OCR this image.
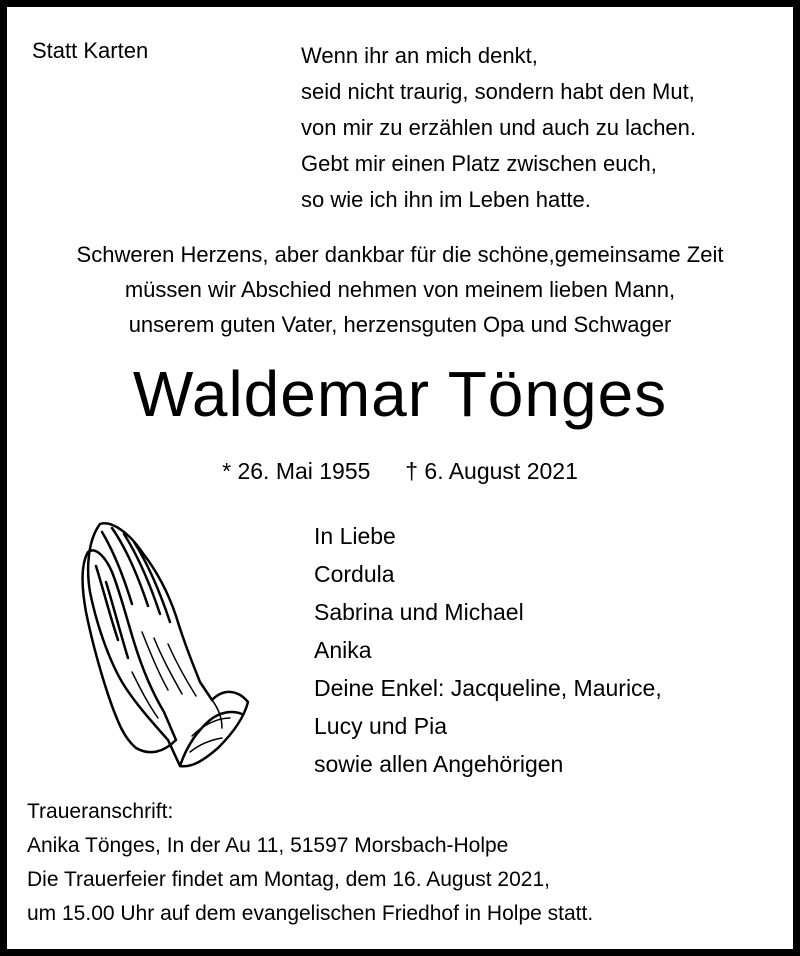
Statt Karten	Wenn ihr an mich denkt,
seid nicht traurig, sondern habt den Mut,
von mir zu erzählen und auch zu lachen.
Gebt mir einen Platz zwischen euch,
so wie ich ihn im Leben hatte.
Schweren Herzens, aber dankbar für die schöne,gemeinsame Zeit
müssen wir Abschied nehmen von meinem lieben Mann,
unserem guten Vater, herzensguten Opa und Schwager
Waldemar Tönges
* 26. Mai 1955 † 6. August 2021
In Liebe
Cordula
Sabrina und Michael
Anika
Deine Enkel: Jacqueline, Maurice,
Lucy und Pia
sowie allen Angehörigen
Traueranschrift:
Anika Tönges, In der Au 11, 51597 Morsbach-Holpe
Die Trauerfeier findet am Montag, dem 16. August 2021,
um 15.00 Uhr auf dem evangelischen Friedhof in Holpe statt.
